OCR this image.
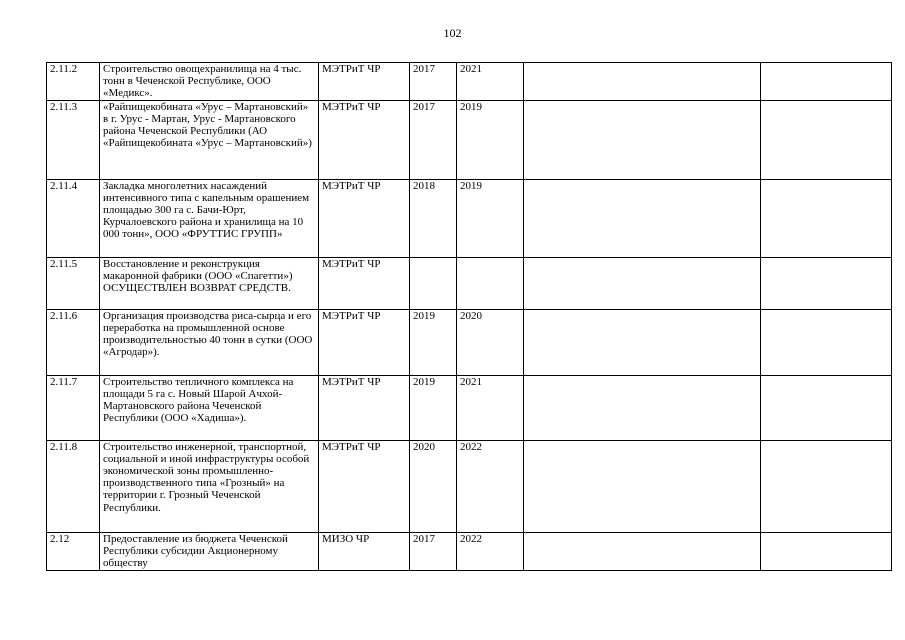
102
2.11.2	Строительство овощехранилища на 4 тыс. тонн в Чеченской Республике, ООО «Медикс».	МЭТРиТ ЧР	2017	2021		
2.11.3	«Райпищекобината «Урус – Мартановский» в г. Урус - Мартан, Урус - Мартановского района Чеченской Республики (АО «Райпищекобината «Урус – Мартановский»)	МЭТРиТ ЧР	2017	2019		
2.11.4	Закладка многолетних насаждений интенсивного типа с капельным орашением площадью 300 га с. Бачи-Юрт, Курчалоевского района и хранилища на 10 000 тонн», ООО «ФРУТТИС ГРУПП»	МЭТРиТ ЧР	2018	2019		
2.11.5	Восстановление и реконструкция макаронной фабрики (ООО «Спагетти») ОСУЩЕСТВЛЕН ВОЗВРАТ СРЕДСТВ.	МЭТРиТ ЧР				
2.11.6	Организация производства риса-сырца и его переработка на промышленной основе производительностью 40 тонн в сутки (ООО «Агродар»).	МЭТРиТ ЧР	2019	2020		
2.11.7	Строительство тепличного комплекса на площади 5 га с. Новый Шарой Ачхой-Мартановского района Чеченской Республики (ООО «Хадиша»).	МЭТРиТ ЧР	2019	2021		
2.11.8	Строительство инженерной, транспортной, социальной и иной инфраструктуры особой экономической зоны промышленно-производственного типа «Грозный» на территории г. Грозный Чеченской Республики.	МЭТРиТ ЧР	2020	2022		
2.12	Предоставление из бюджета Чеченской Республики субсидии Акционерному обществу	МИЗО ЧР	2017	2022		
